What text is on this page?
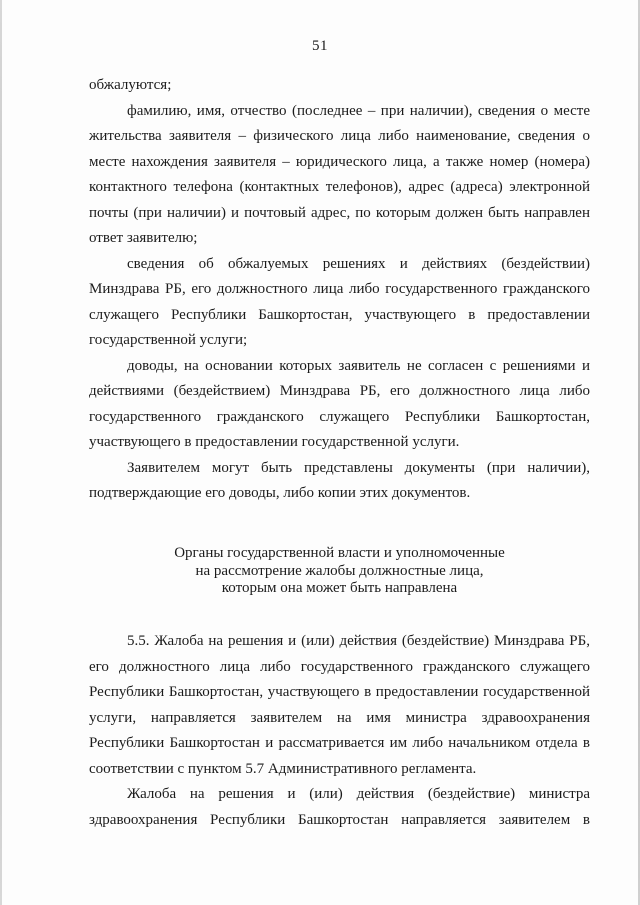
51

обжалуются;

фамилию, имя, отчество (последнее – при наличии), сведения о месте жительства заявителя – физического лица либо наименование, сведения о месте нахождения заявителя – юридического лица, а также номер (номера) контактного телефона (контактных телефонов), адрес (адреса) электронной почты (при наличии) и почтовый адрес, по которым должен быть направлен ответ заявителю;

сведения об обжалуемых решениях и действиях (бездействии) Минздрава РБ, его должностного лица либо государственного гражданского служащего Республики Башкортостан, участвующего в предоставлении государственной услуги;

доводы, на основании которых заявитель не согласен с решениями и действиями (бездействием) Минздрава РБ, его должностного лица либо государственного гражданского служащего Республики Башкортостан, участвующего в предоставлении государственной услуги.

Заявителем могут быть представлены документы (при наличии), подтверждающие его доводы, либо копии этих документов.

Органы государственной власти и уполномоченные
на рассмотрение жалобы должностные лица,
которым она может быть направлена

5.5. Жалоба на решения и (или) действия (бездействие) Минздрава РБ, его должностного лица либо государственного гражданского служащего Республики Башкортостан, участвующего в предоставлении государственной услуги, направляется заявителем на имя министра здравоохранения Республики Башкортостан и рассматривается им либо начальником отдела в соответствии с пунктом 5.7 Административного регламента.

Жалоба на решения и (или) действия (бездействие) министра здравоохранения Республики Башкортостан направляется заявителем в
